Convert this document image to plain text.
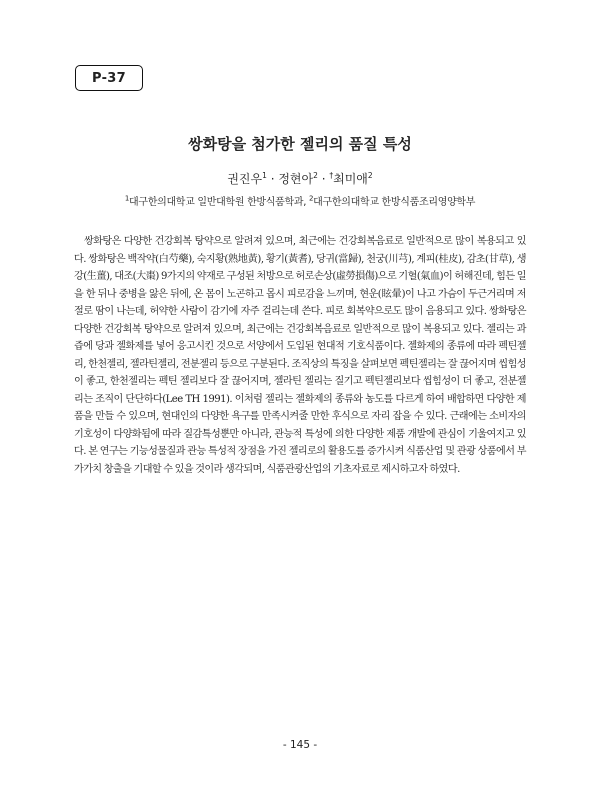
P-37
쌍화탕을 첨가한 젤리의 품질 특성
권진우$^1$ · 정현아$^2$ · †최미애$^2$
$^1$대구한의대학교 일반대학원 한방식품학과, $^2$대구한의대학교 한방식품조리영양학부

쌍화탕은 다양한 건강회복 탕약으로 알려져 있으며, 최근에는 건강회복음료로 일반적으로 많이 복용되고 있다. 쌍화탕은 백작약(白芍藥), 숙지황(熟地黃), 황기(黃耆), 당귀(當歸), 천궁(川芎), 계피(桂皮), 감초(甘草), 생강(生薑), 대조(大棗) 9가지의 약재로 구성된 처방으로 허로손상(虛勞損傷)으로 기혈(氣血)이 허해진데, 힘든 일을 한 뒤나 중병을 앓은 뒤에, 온 몸이 노곤하고 몹시 피로감을 느끼며, 현운(眩暈)이 나고 가슴이 두근거리며 저절로 땀이 나는데, 허약한 사람이 감기에 자주 걸리는데 쓴다. 피로 회복약으로도 많이 음용되고 있다. 쌍화탕은 다양한 건강회복 탕약으로 알려져 있으며, 최근에는 건강회복음료로 일반적으로 많이 복용되고 있다. 젤리는 과즙에 당과 젤화제를 넣어 응고시킨 것으로 서양에서 도입된 현대적 기호식품이다. 젤화제의 종류에 따라 펙틴젤리, 한천젤리, 젤라틴젤리, 전분젤리 등으로 구분된다. 조직상의 특징을 살펴보면 펙틴젤리는 잘 끊어지며 씹힘성이 좋고, 한천젤리는 펙틴 젤리보다 잘 끊어지며, 젤라틴 젤리는 질기고 펙틴젤리보다 씹힘성이 더 좋고, 전분젤리는 조직이 단단하다(Lee TH 1991). 이처럼 젤리는 젤화제의 종류와 농도를 다르게 하여 배합하면 다양한 제품을 만들 수 있으며, 현대인의 다양한 욕구를 만족시켜줄 만한 후식으로 자리 잡을 수 있다. 근래에는 소비자의 기호성이 다양화됨에 따라 질감특성뿐만 아니라, 관능적 특성에 의한 다양한 제품 개발에 관심이 기울여지고 있다. 본 연구는 기능성물질과 관능 특성적 장점을 가진 젤리로의 활용도를 증가시켜 식품산업 및 관광 상품에서 부가가치 창출을 기대할 수 있을 것이라 생각되며, 식품관광산업의 기초자료로 제시하고자 하였다.

- 145 -
